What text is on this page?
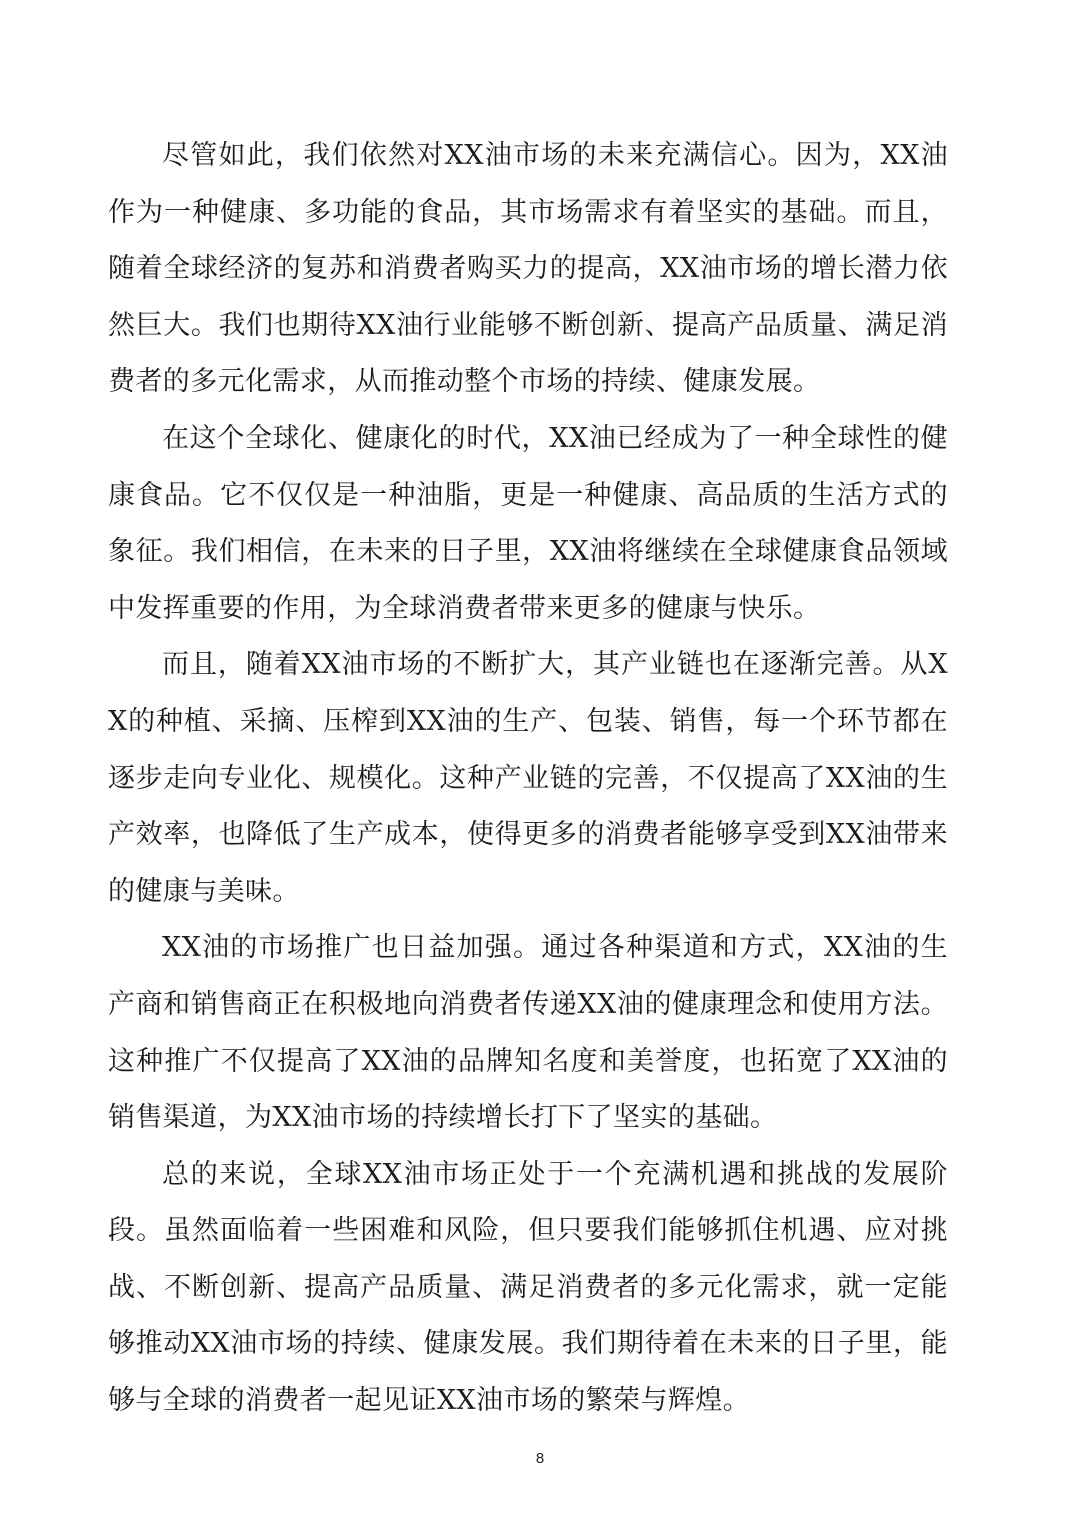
尽管如此，我们依然对XX油市场的未来充满信心。因为，XX油作为一种健康、多功能的食品，其市场需求有着坚实的基础。而且，随着全球经济的复苏和消费者购买力的提高，XX油市场的增长潜力依然巨大。我们也期待XX油行业能够不断创新、提高产品质量、满足消费者的多元化需求，从而推动整个市场的持续、健康发展。

在这个全球化、健康化的时代，XX油已经成为了一种全球性的健康食品。它不仅仅是一种油脂，更是一种健康、高品质的生活方式的象征。我们相信，在未来的日子里，XX油将继续在全球健康食品领域中发挥重要的作用，为全球消费者带来更多的健康与快乐。

而且，随着XX油市场的不断扩大，其产业链也在逐渐完善。从XX的种植、采摘、压榨到XX油的生产、包装、销售，每一个环节都在逐步走向专业化、规模化。这种产业链的完善，不仅提高了XX油的生产效率，也降低了生产成本，使得更多的消费者能够享受到XX油带来的健康与美味。

XX油的市场推广也日益加强。通过各种渠道和方式，XX油的生产商和销售商正在积极地向消费者传递XX油的健康理念和使用方法。这种推广不仅提高了XX油的品牌知名度和美誉度，也拓宽了XX油的销售渠道，为XX油市场的持续增长打下了坚实的基础。

总的来说，全球XX油市场正处于一个充满机遇和挑战的发展阶段。虽然面临着一些困难和风险，但只要我们能够抓住机遇、应对挑战、不断创新、提高产品质量、满足消费者的多元化需求，就一定能够推动XX油市场的持续、健康发展。我们期待着在未来的日子里，能够与全球的消费者一起见证XX油市场的繁荣与辉煌。

8
